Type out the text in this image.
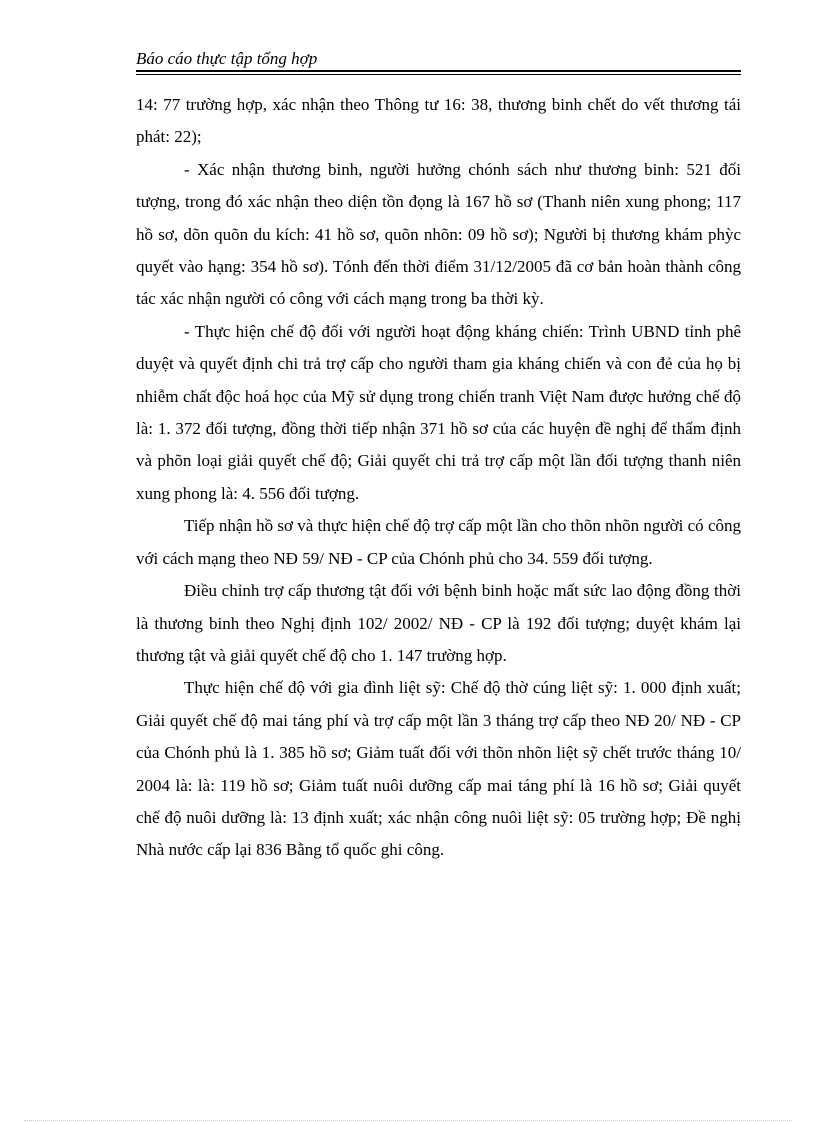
Báo cáo thực tập tổng hợp

14: 77 trường hợp, xác nhận theo Thông tư 16: 38, thương binh chết do vết thương tái phát: 22);

- Xác nhận thương binh, người hưởng chónh sách như thương binh: 521 đối tượng, trong đó xác nhận theo diện tồn đọng là 167 hồ sơ (Thanh niên xung phong; 117 hồ sơ, dõn quõn du kích: 41 hồ sơ, quõn nhõn: 09 hồ sơ); Người bị thương khám phỳc quyết vào hạng: 354 hồ sơ). Tónh đến thời điểm 31/12/2005 đã cơ bản hoàn thành công tác xác nhận người có công với cách mạng trong ba thời kỳ.

- Thực hiện chế độ đối với người hoạt động kháng chiến: Trình UBND tỉnh phê duyệt và quyết định chi trả trợ cấp cho người tham gia kháng chiến và con đẻ của họ bị nhiễm chất độc hoá học của Mỹ sử dụng trong chiến tranh Việt Nam được hưởng chế độ là: 1. 372 đối tượng, đồng thời tiếp nhận 371 hồ sơ của các huyện đề nghị để thẩm định và phõn loại giải quyết chế độ; Giải quyết chi trả trợ cấp một lần đối tượng thanh niên xung phong là: 4. 556 đối tượng.

Tiếp nhận hồ sơ và thực hiện chế độ trợ cấp một lần cho thõn nhõn người có công với cách mạng theo NĐ 59/ NĐ - CP của Chónh phủ cho 34. 559 đối tượng.

Điều chỉnh trợ cấp thương tật đối với bệnh binh hoặc mất sức lao động đồng thời là thương binh theo Nghị định 102/ 2002/ NĐ - CP là 192 đối tượng; duyệt khám lại thương tật và giải quyết chế độ cho 1. 147 trường hợp.

Thực hiện chế độ với gia đình liệt sỹ: Chế độ thờ cúng liệt sỹ: 1. 000 định xuất; Giải quyết chế độ mai táng phí và trợ cấp một lần 3 tháng trợ cấp theo NĐ 20/ NĐ - CP của Chónh phủ là 1. 385 hồ sơ; Giảm tuất đối với thõn nhõn liệt sỹ chết trước tháng 10/ 2004 là: là: 119 hồ sơ; Giảm tuất nuôi dưỡng cấp mai táng phí là 16 hồ sơ; Giải quyết chế độ nuôi dưỡng là: 13 định xuất; xác nhận công nuôi liệt sỹ: 05 trường hợp; Đề nghị Nhà nước cấp lại 836 Bằng tổ quốc ghi công.
